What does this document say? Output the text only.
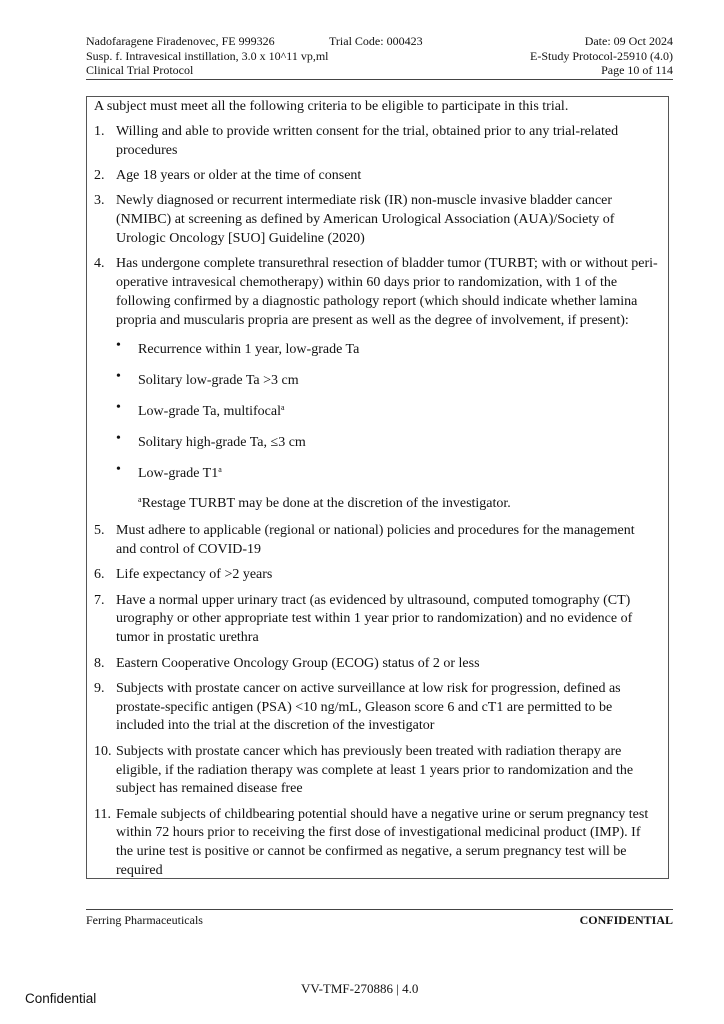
Nadofaragene Firadenovec, FE 999326	Trial Code: 000423	Date: 09 Oct 2024
Susp. f. Intravesical instillation, 3.0 x 10^11 vp,ml	E-Study Protocol-25910 (4.0)
Clinical Trial Protocol	Page 10 of 114
A subject must meet all the following criteria to be eligible to participate in this trial.
1. Willing and able to provide written consent for the trial, obtained prior to any trial-related procedures
2. Age 18 years or older at the time of consent
3. Newly diagnosed or recurrent intermediate risk (IR) non-muscle invasive bladder cancer (NMIBC) at screening as defined by American Urological Association (AUA)/Society of Urologic Oncology [SUO] Guideline (2020)
4. Has undergone complete transurethral resection of bladder tumor (TURBT; with or without peri-operative intravesical chemotherapy) within 60 days prior to randomization, with 1 of the following confirmed by a diagnostic pathology report (which should indicate whether lamina propria and muscularis propria are present as well as the degree of involvement, if present):
• Recurrence within 1 year, low-grade Ta
• Solitary low-grade Ta >3 cm
• Low-grade Ta, multifocal$^a$
• Solitary high-grade Ta, ≤3 cm
• Low-grade T1$^a$
$^a$Restage TURBT may be done at the discretion of the investigator.
5. Must adhere to applicable (regional or national) policies and procedures for the management and control of COVID-19
6. Life expectancy of >2 years
7. Have a normal upper urinary tract (as evidenced by ultrasound, computed tomography (CT) urography or other appropriate test within 1 year prior to randomization) and no evidence of tumor in prostatic urethra
8. Eastern Cooperative Oncology Group (ECOG) status of 2 or less
9. Subjects with prostate cancer on active surveillance at low risk for progression, defined as prostate-specific antigen (PSA) <10 ng/mL, Gleason score 6 and cT1 are permitted to be included into the trial at the discretion of the investigator
10. Subjects with prostate cancer which has previously been treated with radiation therapy are eligible, if the radiation therapy was complete at least 1 years prior to randomization and the subject has remained disease free
11. Female subjects of childbearing potential should have a negative urine or serum pregnancy test within 72 hours prior to receiving the first dose of investigational medicinal product (IMP). If the urine test is positive or cannot be confirmed as negative, a serum pregnancy test will be required
Ferring Pharmaceuticals	CONFIDENTIAL
VV-TMF-270886 | 4.0
Confidential
